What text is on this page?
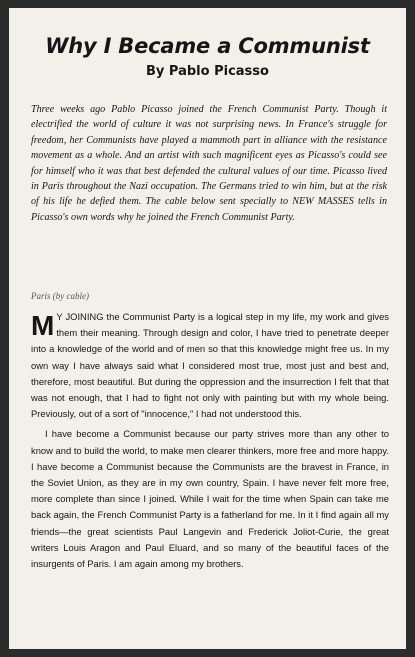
Why I Became a Communist
By Pablo Picasso

Three weeks ago Pablo Picasso joined the French Communist Party. Though it electrified the world of culture it was not surprising news. In France's struggle for freedom, her Communists have played a mammoth part in alliance with the resistance movement as a whole. And an artist with such magnificent eyes as Picasso's could see for himself who it was that best defended the cultural values of our time. Picasso lived in Paris throughout the Nazi occupation. The Germans tried to win him, but at the risk of his life he defied them. The cable below sent specially to NEW MASSES tells in Picasso's own words why he joined the French Communist Party.

Paris (by cable)

M Y JOINING the Communist Party is a logical step in my life, my work and gives them their meaning. Through design and color, I have tried to penetrate deeper into a knowledge of the world and of men so that this knowledge might free us. In my own way I have always said what I considered most true, most just and best and, therefore, most beautiful. But during the oppression and the insurrection I felt that that was not enough, that I had to fight not only with painting but with my whole being. Previously, out of a sort of "innocence," I had not understood this.

I have become a Communist because our party strives more than any other to know and to build the world, to make men clearer thinkers, more free and more happy. I have become a Communist because the Communists are the bravest in France, in the Soviet Union, as they are in my own country, Spain. I have never felt more free, more complete than since I joined. While I wait for the time when Spain can take me back again, the French Communist Party is a fatherland for me. In it I find again all my friends—the great scientists Paul Langevin and Frederick Joliot-Curie, the great writers Louis Aragon and Paul Eluard, and so many of the beautiful faces of the insurgents of Paris. I am again among my brothers.
